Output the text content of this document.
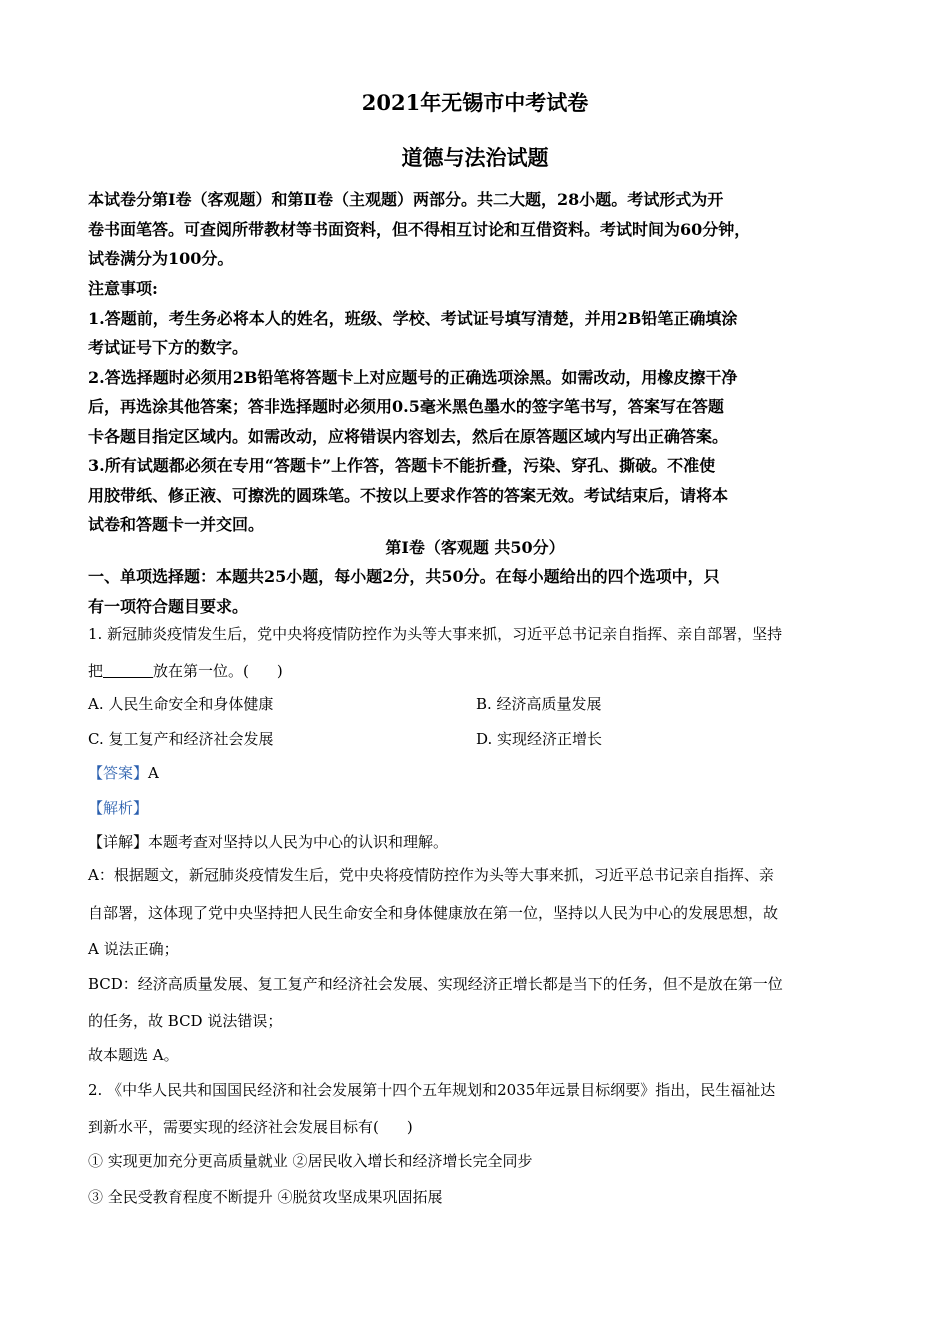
2021年无锡市中考试卷
道德与法治试题
本试卷分第Ⅰ卷（客观题）和第Ⅱ卷（主观题）两部分。共二大题，28小题。考试形式为开
卷书面笔答。可查阅所带教材等书面资料，但不得相互讨论和互借资料。考试时间为60分钟，
试卷满分为100分。
注意事项:
1.答题前，考生务必将本人的姓名，班级、学校、考试证号填写清楚，并用2B铅笔正确填涂
考试证号下方的数字。
2.答选择题时必须用2B铅笔将答题卡上对应题号的正确选项涂黑。如需改动，用橡皮擦干净
后，再选涂其他答案；答非选择题时必须用0.5毫米黑色墨水的签字笔书写，答案写在答题
卡各题目指定区域内。如需改动，应将错误内容划去，然后在原答题区域内写出正确答案。
3.所有试题都必须在专用“答题卡”上作答，答题卡不能折叠，污染、穿孔、撕破。不准使
用胶带纸、修正液、可擦洗的圆珠笔。不按以上要求作答的答案无效。考试结束后，请将本
试卷和答题卡一并交回。
第I卷（客观题 共50分）
一、单项选择题：本题共25小题，每小题2分，共50分。在每小题给出的四个选项中，只
有一项符合题目要求。
1. 新冠肺炎疫情发生后，党中央将疫情防控作为头等大事来抓，习近平总书记亲自指挥、亲自部署，坚持
把	放在第一位。( )
A. 人民生命安全和身体健康	B. 经济高质量发展
C. 复工复产和经济社会发展	D. 实现经济正增长
【答案】A
【解析】
【详解】本题考查对坚持以人民为中心的认识和理解。
A：根据题文，新冠肺炎疫情发生后，党中央将疫情防控作为头等大事来抓，习近平总书记亲自指挥、亲
自部署，这体现了党中央坚持把人民生命安全和身体健康放在第一位，坚持以人民为中心的发展思想，故
A 说法正确；
BCD：经济高质量发展、复工复产和经济社会发展、实现经济正增长都是当下的任务，但不是放在第一位
的任务，故 BCD 说法错误；
故本题选 A。
2. 《中华人民共和国国民经济和社会发展第十四个五年规划和2035年远景目标纲要》指出，民生福祉达
到新水平，需要实现的经济社会发展目标有( )
① 实现更加充分更高质量就业 ②居民收入增长和经济增长完全同步
③ 全民受教育程度不断提升 ④脱贫攻坚成果巩固拓展
